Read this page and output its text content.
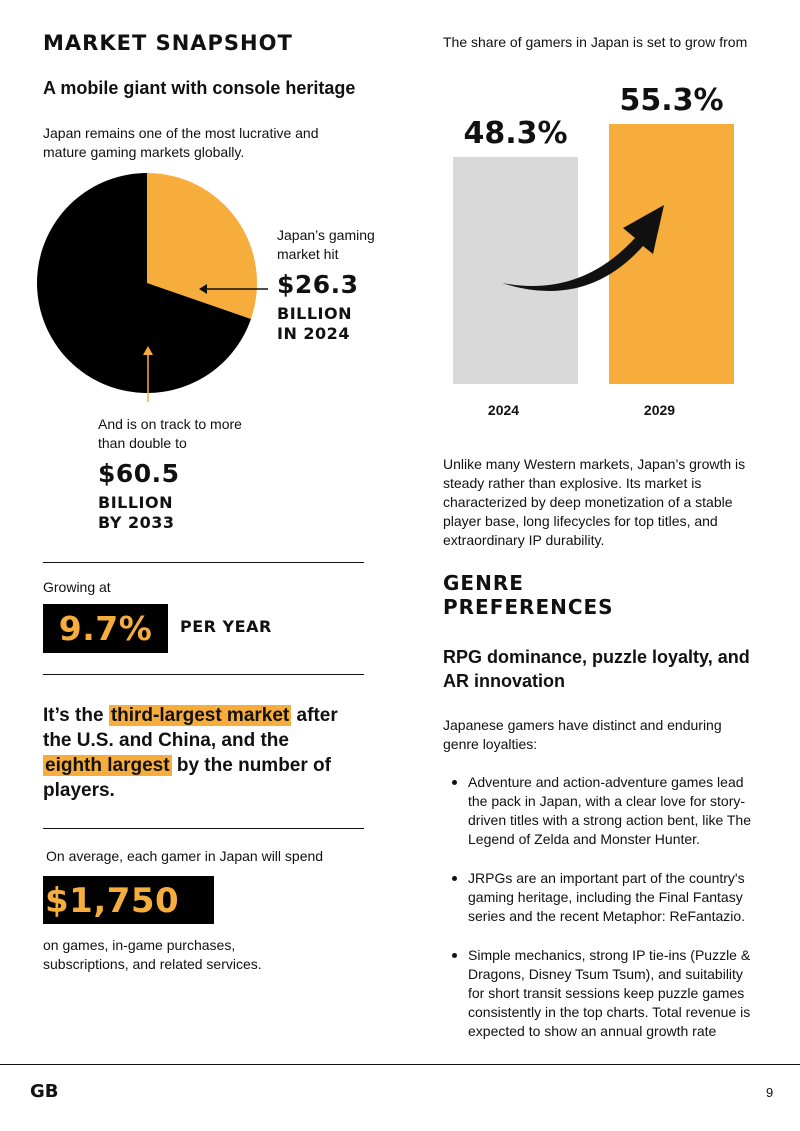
MARKET SNAPSHOT
A mobile giant with console heritage
Japan remains one of the most lucrative and mature gaming markets globally.
Japan’s gaming market hit
$26.3
BILLION
IN 2024
And is on track to more than double to
$60.5
BILLION
BY 2033
Growing at
9.7%	PER YEAR
It’s the third-largest market after the U.S. and China, and the eighth largest by the number of players.
On average, each gamer in Japan will spend
$1,750
on games, in-game purchases, subscriptions, and related services.
The share of gamers in Japan is set to grow from
48.3%
2024
55.3%
2029
Unlike many Western markets, Japan’s growth is steady rather than explosive. Its market is characterized by deep monetization of a stable player base, long lifecycles for top titles, and extraordinary IP durability.
GENRE
PREFERENCES
RPG dominance, puzzle loyalty, and AR innovation
Japanese gamers have distinct and enduring genre loyalties:
Adventure and action-adventure games lead the pack in Japan, with a clear love for story-driven titles with a strong action bent, like The Legend of Zelda and Monster Hunter.
JRPGs are an important part of the country's gaming heritage, including the Final Fantasy series and the recent Metaphor: ReFantazio.
Simple mechanics, strong IP tie-ins (Puzzle & Dragons, Disney Tsum Tsum), and suitability for short transit sessions keep puzzle games consistently in the top charts. Total revenue is expected to show an annual growth rate
GB	9
